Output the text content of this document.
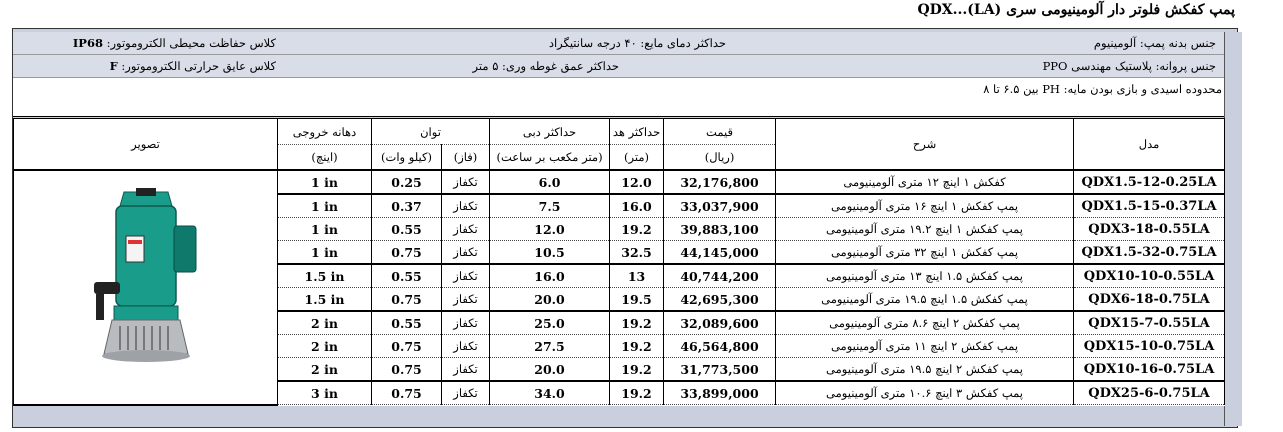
پمپ کفکش فلوتر دار آلومینیومی سری (LA)...QDX
جنس بدنه پمپ: آلومینیوم
حداکثر دمای مایع: ۴۰ درجه سانتیگراد
کلاس حفاظت محیطی الکتروموتور: IP68
جنس پروانه: پلاستیک مهندسی PPO
حداکثر عمق غوطه وری: ۵ متر
کلاس عایق حرارتی الکتروموتور: F
محدوده اسیدی و بازی بودن مایه: PH بین ۶.۵ تا ۸
تصویر	دهانه خروجی	توان		حداکثر دبی	حداکثر هد	قیمت	شرح	مدل
	(اینچ)	(کیلو وات)	(فاز)	(متر مکعب بر ساعت)	(متر)	(ریال)		
	1 in	0.25	تکفاز	6.0	12.0	32,176,800	کفکش ۱ اینچ ۱۲ متری آلومینیومی	QDX1.5-12-0.25LA
	1 in	0.37	تکفاز	7.5	16.0	33,037,900	پمپ کفکش ۱ اینچ ۱۶ متری آلومینیومی	QDX1.5-15-0.37LA
	1 in	0.55	تکفاز	12.0	19.2	39,883,100	پمپ کفکش ۱ اینچ ۱۹.۲ متری آلومینیومی	QDX3-18-0.55LA
	1 in	0.75	تکفاز	10.5	32.5	44,145,000	پمپ کفکش ۱ اینچ ۳۲ متری آلومینیومی	QDX1.5-32-0.75LA
	1.5 in	0.55	تکفاز	16.0	13	40,744,200	پمپ کفکش ۱.۵ اینچ ۱۳ متری آلومینیومی	QDX10-10-0.55LA
	1.5 in	0.75	تکفاز	20.0	19.5	42,695,300	پمپ کفکش ۱.۵ اینچ ۱۹.۵ متری آلومینیومی	QDX6-18-0.75LA
	2 in	0.55	تکفاز	25.0	19.2	32,089,600	پمپ کفکش ۲ اینچ ۸.۶ متری آلومینیومی	QDX15-7-0.55LA
	2 in	0.75	تکفاز	27.5	19.2	46,564,800	پمپ کفکش ۲ اینچ ۱۱ متری آلومینیومی	QDX15-10-0.75LA
	2 in	0.75	تکفاز	20.0	19.2	31,773,500	پمپ کفکش ۲ اینچ ۱۹.۵ متری آلومینیومی	QDX10-16-0.75LA
	3 in	0.75	تکفاز	34.0	19.2	33,899,000	پمپ کفکش ۳ اینچ ۱۰.۶ متری آلومینیومی	QDX25-6-0.75LA
